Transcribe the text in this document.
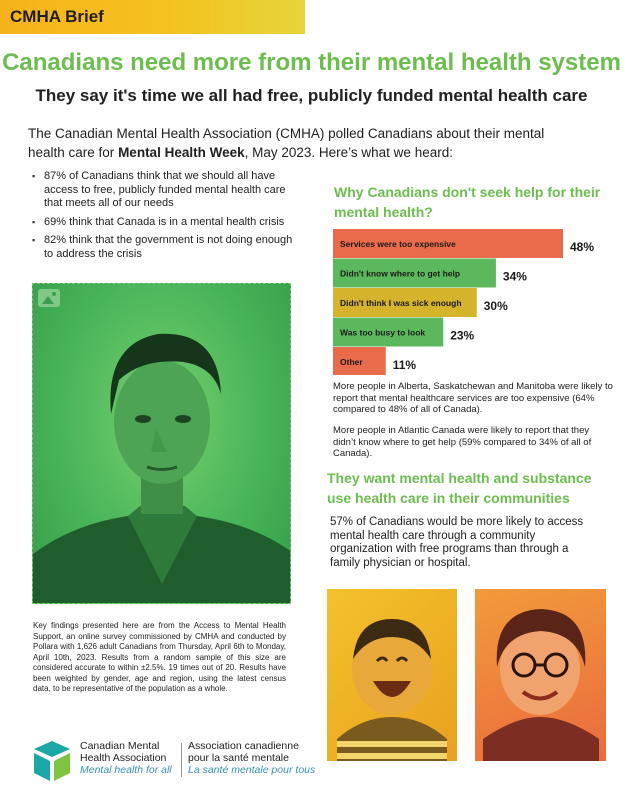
CMHA Brief
Canadians need more from their mental health system
They say it's time we all had free, publicly funded mental health care

The Canadian Mental Health Association (CMHA) polled Canadians about their mental health care for Mental Health Week, May 2023. Here’s what we heard:

▪ 87% of Canadians think that we should all have access to free, publicly funded mental health care that meets all of our needs
▪ 69% think that Canada is in a mental health crisis
▪ 82% think that the government is not doing enough to address the crisis
Why Canadians don't seek help for their mental health?
Services were too expensive	48%
Didn't know where to get help	34%
Didn't think I was sick enough 30%
Was too busy to look 23%
Other	11%

More people in Alberta, Saskatchewan and Manitoba were likely to report that mental healthcare services are too expensive (64% compared to 48% of all of Canada).

More people in Atlantic Canada were likely to report that they didn’t know where to get help (59% compared to 34% of all of Canada).

They want mental health and substance use health care in their communities

57% of Canadians would be more likely to access mental health care through a community organization with free programs than through a family physician or hospital.

Key findings presented here are from the Access to Mental Health Support, an online survey commissioned by CMHA and conducted by Pollara with 1,626 adult Canadians from Thursday, April 6th to Monday, April 10th, 2023. Results from a random sample of this size are considered accurate to within ±2.5%. 19 times out of 20. Results have been weighted by gender, age and region, using the latest census data, to be representative of the population as a whole.
Canadian Mental
Health Association
Mental health for all
Association canadienne
pour la santé mentale
La santé mentale pour tous
